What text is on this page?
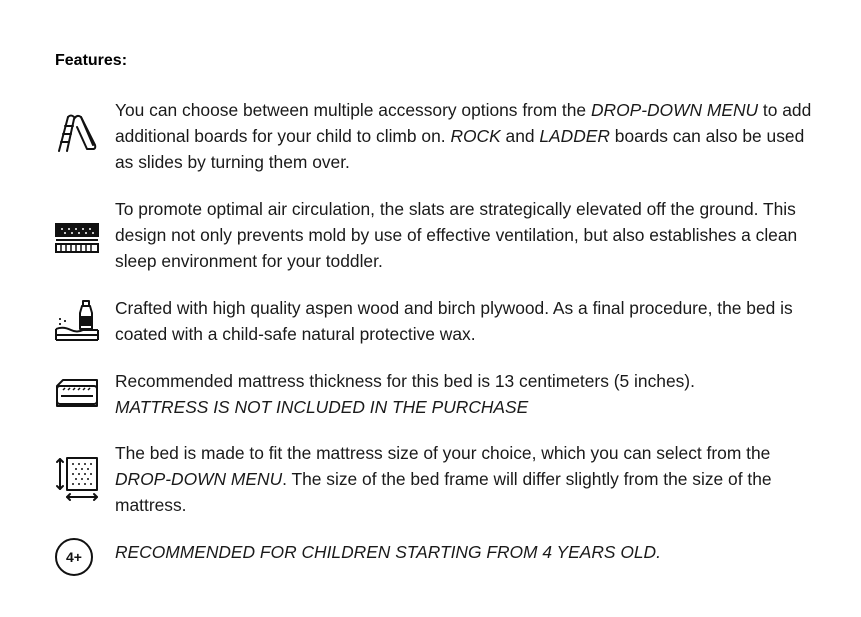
Features:
You can choose between multiple accessory options from the DROP-DOWN MENU to add additional boards for your child to climb on. ROCK and LADDER boards can also be used as slides by turning them over.
To promote optimal air circulation, the slats are strategically elevated off the ground. This design not only prevents mold by use of effective ventilation, but also establishes a clean sleep environment for your toddler.
Crafted with high quality aspen wood and birch plywood. As a final procedure, the bed is coated with a child-safe natural protective wax.
Recommended mattress thickness for this bed is 13 centimeters (5 inches).
MATTRESS IS NOT INCLUDED IN THE PURCHASE
The bed is made to fit the mattress size of your choice, which you can select from the DROP-DOWN MENU. The size of the bed frame will differ slightly from the size of the mattress.
4+ RECOMMENDED FOR CHILDREN STARTING FROM 4 YEARS OLD.
